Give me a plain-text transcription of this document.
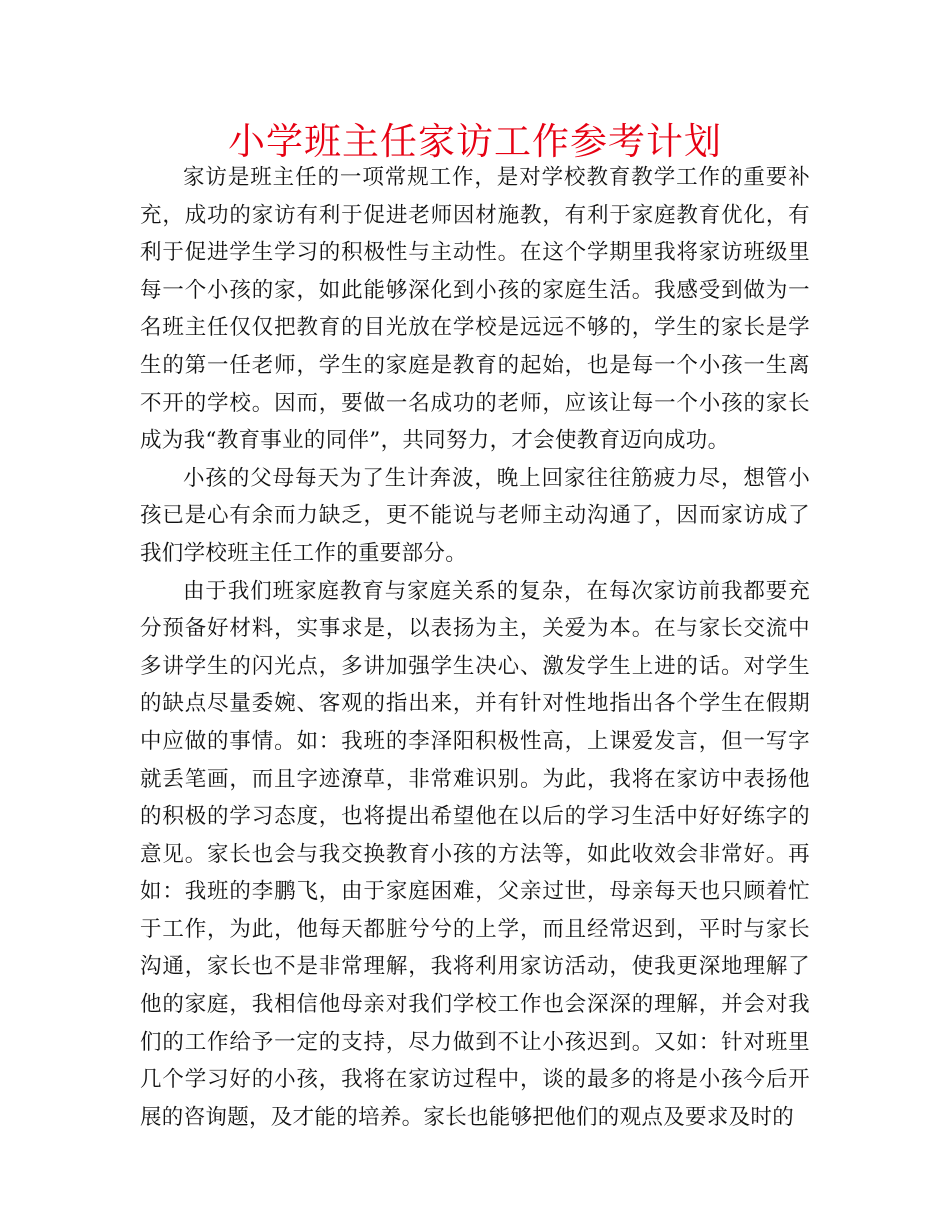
小学班主任家访工作参考计划

家访是班主任的一项常规工作，是对学校教育教学工作的重要补充，成功的家访有利于促进老师因材施教，有利于家庭教育优化，有利于促进学生学习的积极性与主动性。在这个学期里我将家访班级里每一个小孩的家，如此能够深化到小孩的家庭生活。我感受到做为一名班主任仅仅把教育的目光放在学校是远远不够的，学生的家长是学生的第一任老师，学生的家庭是教育的起始，也是每一个小孩一生离不开的学校。因而，要做一名成功的老师，应该让每一个小孩的家长成为我“教育事业的同伴”，共同努力，才会使教育迈向成功。

小孩的父母每天为了生计奔波，晚上回家往往筋疲力尽，想管小孩已是心有余而力缺乏，更不能说与老师主动沟通了，因而家访成了我们学校班主任工作的重要部分。

由于我们班家庭教育与家庭关系的复杂，在每次家访前我都要充分预备好材料，实事求是，以表扬为主，关爱为本。在与家长交流中多讲学生的闪光点，多讲加强学生决心、激发学生上进的话。对学生的缺点尽量委婉、客观的指出来，并有针对性地指出各个学生在假期中应做的事情。如：我班的李泽阳积极性高，上课爱发言，但一写字就丢笔画，而且字迹潦草，非常难识别。为此，我将在家访中表扬他的积极的学习态度，也将提出希望他在以后的学习生活中好好练字的意见。家长也会与我交换教育小孩的方法等，如此收效会非常好。再如：我班的李鹏飞，由于家庭困难，父亲过世，母亲每天也只顾着忙于工作，为此，他每天都脏兮兮的上学，而且经常迟到，平时与家长沟通，家长也不是非常理解，我将利用家访活动，使我更深地理解了他的家庭，我相信他母亲对我们学校工作也会深深的理解，并会对我们的工作给予一定的支持，尽力做到不让小孩迟到。又如：针对班里几个学习好的小孩，我将在家访过程中，谈的最多的将是小孩今后开展的咨询题，及才能的培养。家长也能够把他们的观点及要求及时的
